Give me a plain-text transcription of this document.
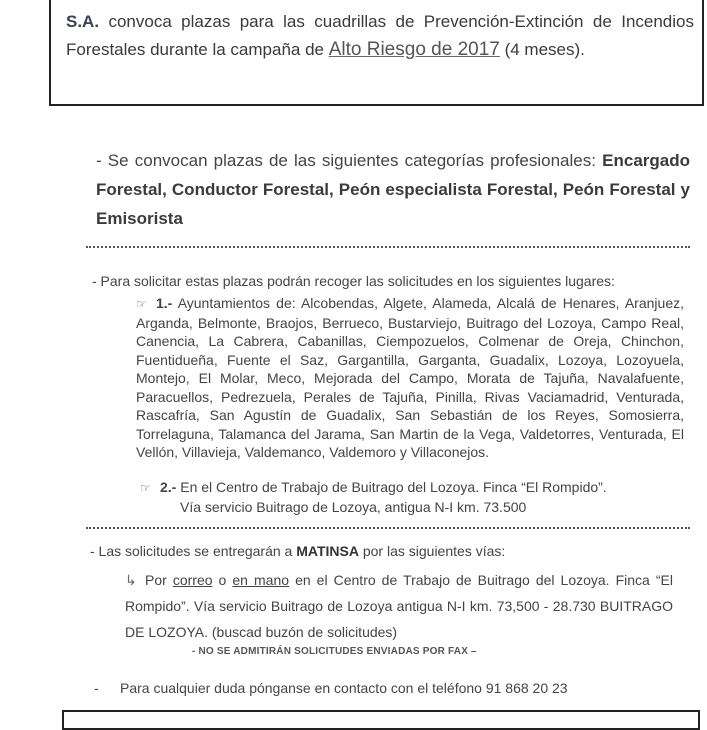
S.A. convoca plazas para las cuadrillas de Prevención-Extinción de Incendios Forestales durante la campaña de Alto Riesgo de 2017 (4 meses).

- Se convocan plazas de las siguientes categorías profesionales: Encargado Forestal, Conductor Forestal, Peón especialista Forestal, Peón Forestal y Emisorista
- Para solicitar estas plazas podrán recoger las solicitudes en los siguientes lugares:
☞ 1.- Ayuntamientos de: Alcobendas, Algete, Alameda, Alcalá de Henares, Aranjuez, Arganda, Belmonte, Braojos, Berrueco, Bustarviejo, Buitrago del Lozoya, Campo Real, Canencia, La Cabrera, Cabanillas, Ciempozuelos, Colmenar de Oreja, Chinchon, Fuentidueña, Fuente el Saz, Gargantilla, Garganta, Guadalix, Lozoya, Lozoyuela, Montejo, El Molar, Meco, Mejorada del Campo, Morata de Tajuña, Navalafuente, Paracuellos, Pedrezuela, Perales de Tajuña, Pinilla, Rivas Vaciamadrid, Venturada, Rascafría, San Agustín de Guadalix, San Sebastián de los Reyes, Somosierra, Torrelaguna, Talamanca del Jarama, San Martin de la Vega, Valdetorres, Venturada, El Vellón, Villavieja, Valdemanco, Valdemoro y Villaconejos.
☞ 2.- En el Centro de Trabajo de Buitrago del Lozoya. Finca “El Rompido”.
Vía servicio Buitrago de Lozoya, antigua N-I km. 73.500
- Las solicitudes se entregarán a MATINSA por las siguientes vías:
↳ Por correo o en mano en el Centro de Trabajo de Buitrago del Lozoya. Finca “El Rompido”. Vía servicio Buitrago de Lozoya antigua N-I km. 73,500 - 28.730 BUITRAGO DE LOZOYA. (buscad buzón de solicitudes)
- NO SE ADMITIRÁN SOLICITUDES ENVIADAS POR FAX –
- Para cualquier duda pónganse en contacto con el teléfono 91 868 20 23
